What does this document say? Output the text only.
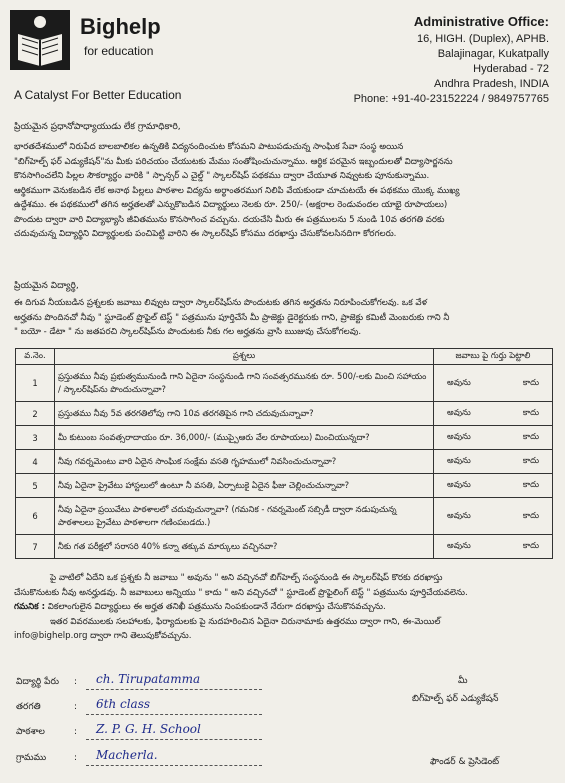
Bighelp
for education
A Catalyst For Better Education
Administrative Office:
16, HIGH. (Duplex), APHB.
Balajinagar, Kukatpally
Hyderabad - 72
Andhra Pradesh, INDIA
Phone: +91-40-23152224 / 9849757765
ప్రియమైన ప్రధానోపాధ్యాయుడు లేక గ్రామాధికారి,

భారతదేశములో నిరుపేద బాలబాలికల ఉన్నతికి విద్యనందించుట కోసమని పాటుపడుచున్న సాంఘిక సేవా సంస్థ అయిన

"బిగ్‌హెల్ప్ ఫర్ ఎడ్యుకేషన్"ను మీకు పరిచయం చేయుటకు మేము సంతోషించుచున్నాము. ఆర్థిక పరమైన ఇబ్బందులతో విద్యాసార్జనను

కొనసాగించలేని పిల్లల సౌకర్యార్థం వారికి " స్పాన్సర్ ఎ చైల్డ్ " స్కాలర్‌షిప్ పథకము ద్వారా చేయూత నివ్వుటకు పూనుకున్నాము.

ఆర్థికముగా వెనుకబడిన లేక అనాథ పిల్లలు పాఠశాల విద్యను అర్థాంతరముగ నిలిపి వేయకుండా చూచుటయే ఈ పథకము యొక్క ముఖ్య

ఉద్దేశము. ఈ పథకములో తగిన అర్హతలతో ఎన్నుకొబడిన విద్యార్థులు నెలకు రూ. 250/- (అక్షరాల రెండువందల యాభై రూపాయలు)

పొందుట ద్వారా వారి విద్యాభ్యాసి జీవితమును కొనసాగించ వచ్చును. దయచేసి మీరు ఈ పత్రములను 5 నుండి 10వ తరగతి వరకు

చదువుచున్న విద్యార్థిని విద్యార్థులకు పంచిపెట్టి వారిని ఈ స్కాలర్‌షిప్ కోసము దరఖాస్తు చేసుకోవలసినదిగా కోరగలరు.

ప్రియమైన విద్యార్థి,

ఈ దిగువ నీయబడిన ప్రశ్నలకు జవాబు లివ్వుట ద్వారా స్కాలర్‌షిప్‌ను పొందుటకు తగిన అర్హతను నిరూపించుకోగలవు. ఒక వేళ

అర్హతను పొందినచో నీవు " స్టూడెంట్ ప్రొఫైల్ టెస్ట్ " పత్రమును పూర్తిచేసే మీ ప్రాజెక్టు డైరెక్టరుకు గాని, ప్రాజెక్టు కమిటీ మెంబరుకు గాని నీ

" బయో - డేటా " ను జతపరచి స్కాలర్‌షిప్‌ను పొందుటకు నీకు గల అర్హతను వ్రాసి ఋజువు చేసుకోగలవు.

వ.నెం.	ప్రశ్నలు	జవాబు పై గుర్తు పెట్టాలి
1	ప్రస్తుతము నీవు ప్రభుత్వమునుండి గాని ఏదైనా సంస్థనుండి గాని సంవత్సరమునకు రూ. 500/-లకు మించి సహాయం / స్కాలర్‌షిప్‌ను పొందుచున్నావా?	అవును కాదు

2	ప్రస్తుతము నీవు 5వ తరగతిలోపు గాని 10వ తరగతిపైన గాని చదువుచున్నావా?	అవును కాదు

3	మీ కుటుంబ సంవత్సరాదాయం రూ. 36,000/- (ముప్పైఆరు వేల రూపాయలు) మించియున్నదా?	అవును కాదు

4	నీవు గవర్నమెంటు వారి ఏదైన సాంఘిక సంక్షేమ వసతి గృహములో నివసించుచున్నావా?	అవును కాదు

5	నీవు ఏదైనా ప్రైవేటు హాస్టలులో ఉంటూ నీ వసతి, ఏర్పాటుకై ఏదైన ఫీజు చెల్లించుచున్నావా?	అవును కాదు

6	నీవు ఏదైనా ప్రయివేటు పాఠశాలలో చదువుచున్నావా? (గమనిక - గవర్నమెంట్ సబ్సిడీ ద్వారా నడుపుచున్న పాఠశాలలు ప్రైవేటు పాఠశాలగా గణింపబడదు.)	అవును కాదు

7	నీకు గత పరీక్షలో సరాసరి 40% కన్నా తక్కువ మార్కులు వచ్చినవా?	అవును కాదు

పై వాటిలో ఏదేని ఒక ప్రశ్నకు నీ జవాబు " అవును " అని వచ్చినచో బిగ్‌హెల్ప్ సంస్థనుండి ఈ స్కాలర్‌షిప్ కొరకు దరఖాస్తు

చేసుకొనుటకు నీవు అనర్హుడవు. నీ జవాబులు అన్నియు " కాదు " అని వచ్చినచో " స్టూడెంట్ ప్రొఫైలింగ్ టెస్ట్ " పత్రమును పూర్తిచేయవలెను.

గమనిక : వికలాంగులైన విద్యార్థులు ఈ అర్హత తనిఖీ పత్రమును నింపకుండానే నేరుగా దరఖాస్తు చేసుకొనవచ్చును.

ఇతర వివరములకు సలహాలకు, ఫిర్యాదులకు పై నుదహరించిన ఏదైనా చిరునామాకు ఉత్తరము ద్వారా గాని, ఈ-మెయిల్

info@bighelp.org ద్వారా గాని తెలుపుకోవచ్చును.

విద్యార్థి పేరు : ch. Tirupatamma
తరగతి	: 6th class
పాఠశాల	: Z. P. G. H. School
గ్రామము	: Macherla.
మీ
బిగ్‌హెల్ప్ ఫర్ ఎడ్యుకేషన్
ఫౌండర్ & ప్రెసిడెంట్
